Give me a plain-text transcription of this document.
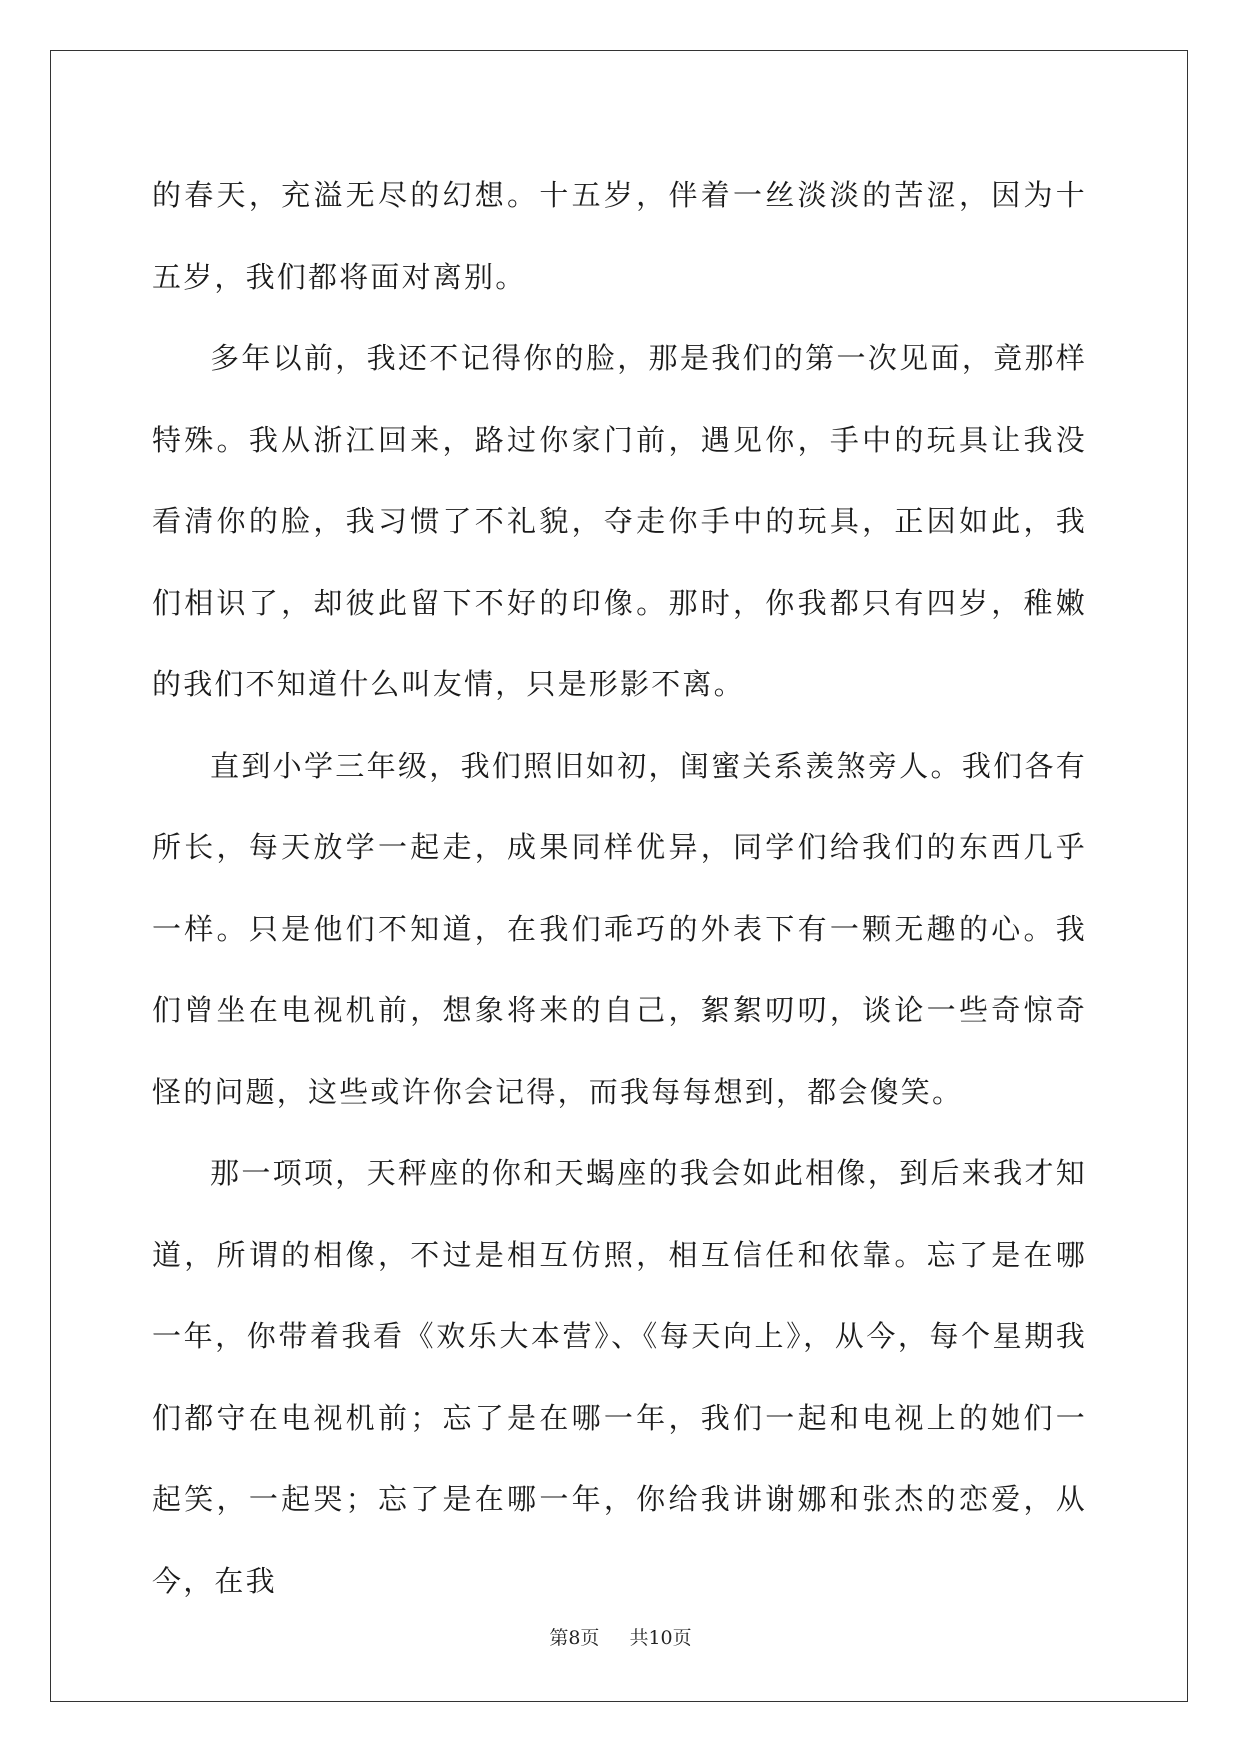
的春天，充溢无尽的幻想。十五岁，伴着一丝淡淡的苦涩，因为十五岁，我们都将面对离别。

多年以前，我还不记得你的脸，那是我们的第一次见面，竟那样特殊。我从浙江回来，路过你家门前，遇见你，手中的玩具让我没看清你的脸，我习惯了不礼貌，夺走你手中的玩具，正因如此，我们相识了，却彼此留下不好的印像。那时，你我都只有四岁，稚嫩的我们不知道什么叫友情，只是形影不离。

直到小学三年级，我们照旧如初，闺蜜关系羡煞旁人。我们各有所长，每天放学一起走，成果同样优异，同学们给我们的东西几乎一样。只是他们不知道，在我们乖巧的外表下有一颗无趣的心。我们曾坐在电视机前，想象将来的自己，絮絮叨叨，谈论一些奇惊奇怪的问题，这些或许你会记得，而我每每想到，都会傻笑。

那一项项，天秤座的你和天蝎座的我会如此相像，到后来我才知道，所谓的相像，不过是相互仿照，相互信任和依靠。忘了是在哪一年，你带着我看《欢乐大本营》、《每天向上》，从今，每个星期我们都守在电视机前；忘了是在哪一年，我们一起和电视上的她们一起笑，一起哭；忘了是在哪一年，你给我讲谢娜和张杰的恋爱，从今，在我

第8页 共10页
